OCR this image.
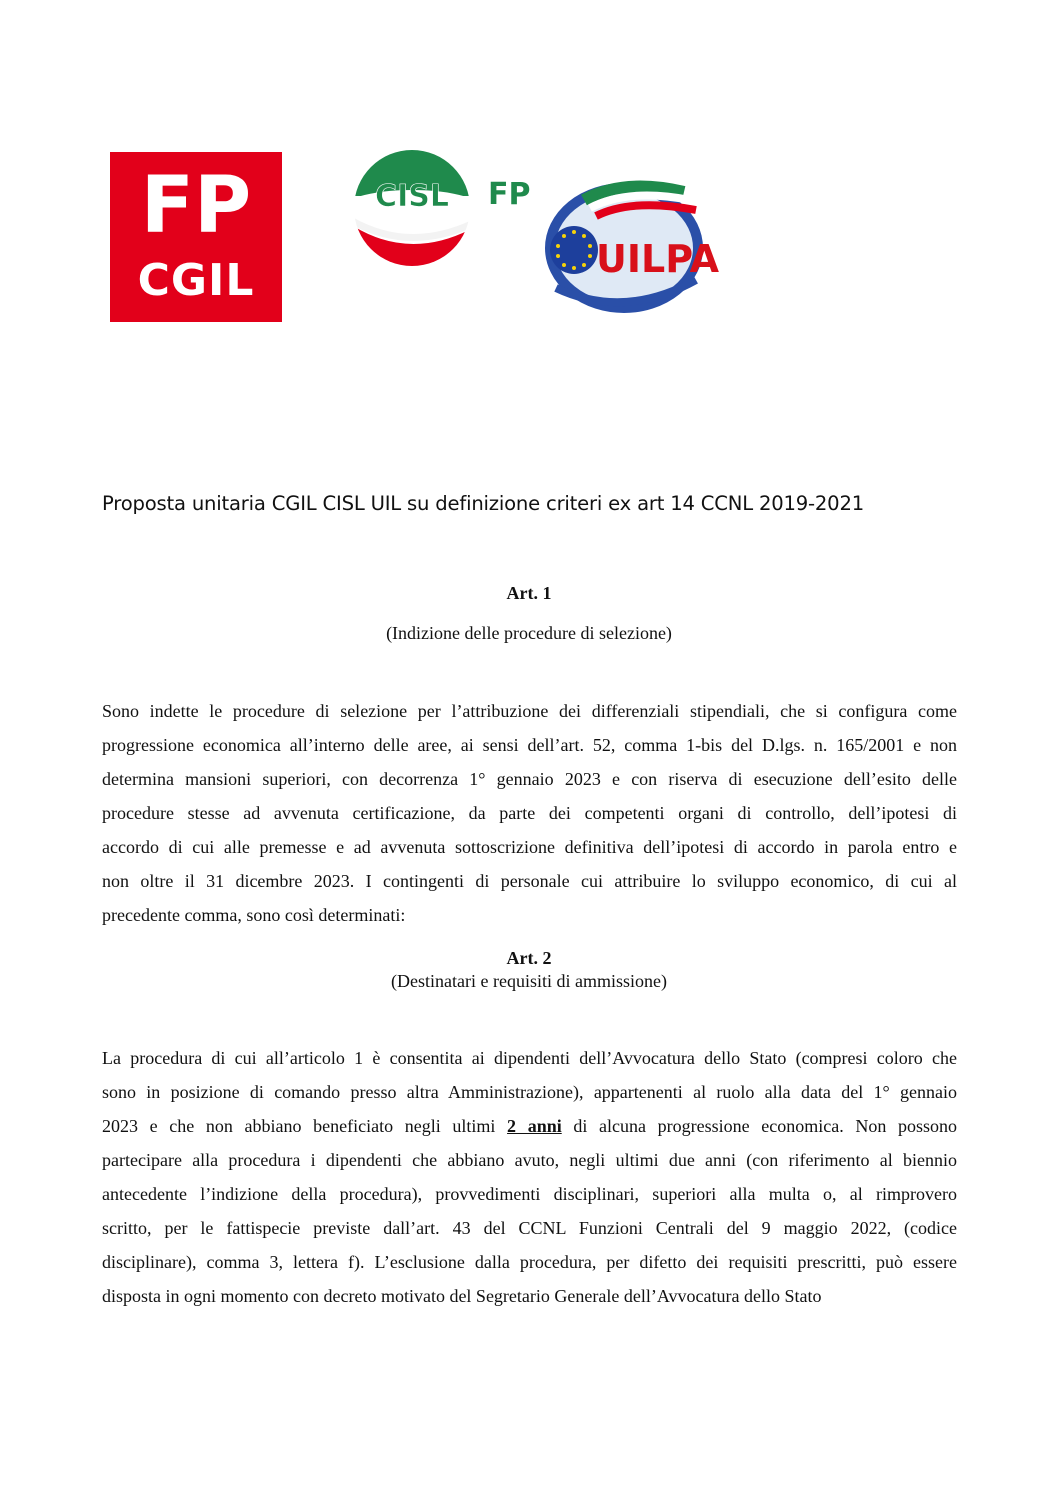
FP
CGIL
CISL FP
UILPA
Proposta unitaria CGIL CISL UIL su definizione criteri ex art 14 CCNL 2019-2021
Art. 1
(Indizione delle procedure di selezione)
Sono indette le procedure di selezione per l’attribuzione dei differenziali stipendiali, che si configura come
progressione economica all’interno delle aree, ai sensi dell’art. 52, comma 1-bis del D.lgs. n. 165/2001 e non
determina mansioni superiori, con decorrenza 1° gennaio 2023 e con riserva di esecuzione dell’esito delle
procedure stesse ad avvenuta certificazione, da parte dei competenti organi di controllo, dell’ipotesi di
accordo di cui alle premesse e ad avvenuta sottoscrizione definitiva dell’ipotesi di accordo in parola entro e
non oltre il 31 dicembre 2023. I contingenti di personale cui attribuire lo sviluppo economico, di cui al
precedente comma, sono così determinati:
Art. 2
(Destinatari e requisiti di ammissione)
La procedura di cui all’articolo 1 è consentita ai dipendenti dell’Avvocatura dello Stato (compresi coloro che
sono in posizione di comando presso altra Amministrazione), appartenenti al ruolo alla data del 1° gennaio
2023 e che non abbiano beneficiato negli ultimi 2 anni di alcuna progressione economica. Non possono
partecipare alla procedura i dipendenti che abbiano avuto, negli ultimi due anni (con riferimento al biennio
antecedente l’indizione della procedura), provvedimenti disciplinari, superiori alla multa o, al rimprovero
scritto, per le fattispecie previste dall’art. 43 del CCNL Funzioni Centrali del 9 maggio 2022, (codice
disciplinare), comma 3, lettera f). L’esclusione dalla procedura, per difetto dei requisiti prescritti, può essere
disposta in ogni momento con decreto motivato del Segretario Generale dell’Avvocatura dello Stato
